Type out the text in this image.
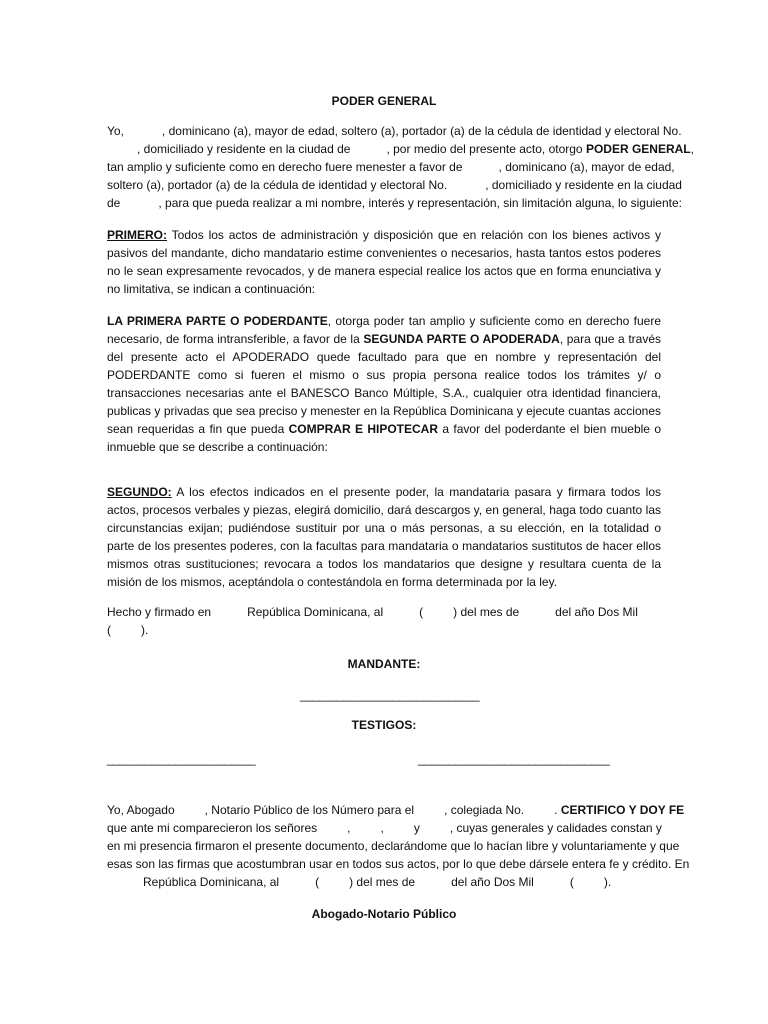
PODER GENERAL
Yo,	, dominicano (a), mayor de edad, soltero (a), portador (a) de la cédula de identidad y electoral No.
, domiciliado y residente en la ciudad de	, por medio del presente acto, otorgo PODER GENERAL,
tan amplio y suficiente como en derecho fuere menester a favor de	, dominicano (a), mayor de edad,
soltero (a), portador (a) de la cédula de identidad y electoral No.	, domiciliado y residente en la ciudad
de	, para que pueda realizar a mi nombre, interés y representación, sin limitación alguna, lo siguiente:
PRIMERO: Todos los actos de administración y disposición que en relación con los bienes activos y pasivos del mandante, dicho mandatario estime convenientes o necesarios, hasta tantos estos poderes no le sean expresamente revocados, y de manera especial realice los actos que en forma enunciativa y no limitativa, se indican a continuación:
LA PRIMERA PARTE O PODERDANTE, otorga poder tan amplio y suficiente como en derecho fuere necesario, de forma intransferible, a favor de la SEGUNDA PARTE O APODERADA, para que a través del presente acto el APODERADO quede facultado para que en nombre y representación del PODERDANTE como si fueren el mismo o sus propia persona realice todos los trámites y/ o transacciones necesarias ante el BANESCO Banco Múltiple, S.A., cualquier otra identidad financiera, publicas y privadas que sea preciso y menester en la República Dominicana y ejecute cuantas acciones sean requeridas a fin que pueda COMPRAR E HIPOTECAR a favor del poderdante el bien mueble o inmueble que se describe a continuación:
SEGUNDO: A los efectos indicados en el presente poder, la mandataria pasara y firmara todos los actos, procesos verbales y piezas, elegirá domicilio, dará descargos y, en general, haga todo cuanto las circunstancias exijan; pudiéndose sustituir por una o más personas, a su elección, en la totalidad o parte de los presentes poderes, con la facultas para mandataria o mandatarios sustitutos de hacer ellos mismos otras sustituciones; revocara a todos los mandatarios que designe y resultara cuenta de la misión de los mismos, aceptándola o contestándola en forma determinada por la ley.
Hecho y firmado en	República Dominicana, al	(	) del mes de	del año Dos Mil
(	).
MANDANTE:
_____________________________
TESTIGOS:
________________________	_______________________________
Yo, Abogado	, Notario Público de los Número para el	, colegiada No.	. CERTIFICO Y DOY FE
que ante mi comparecieron los señores	,	,	y	, cuyas generales y calidades constan y
en mi presencia firmaron el presente documento, declarándome que lo hacían libre y voluntariamente y que
esas son las firmas que acostumbran usar en todos sus actos, por lo que debe dársele entera fe y crédito. En
República Dominicana, al	(	) del mes de	del año Dos Mil	(	).
Abogado-Notario Público
